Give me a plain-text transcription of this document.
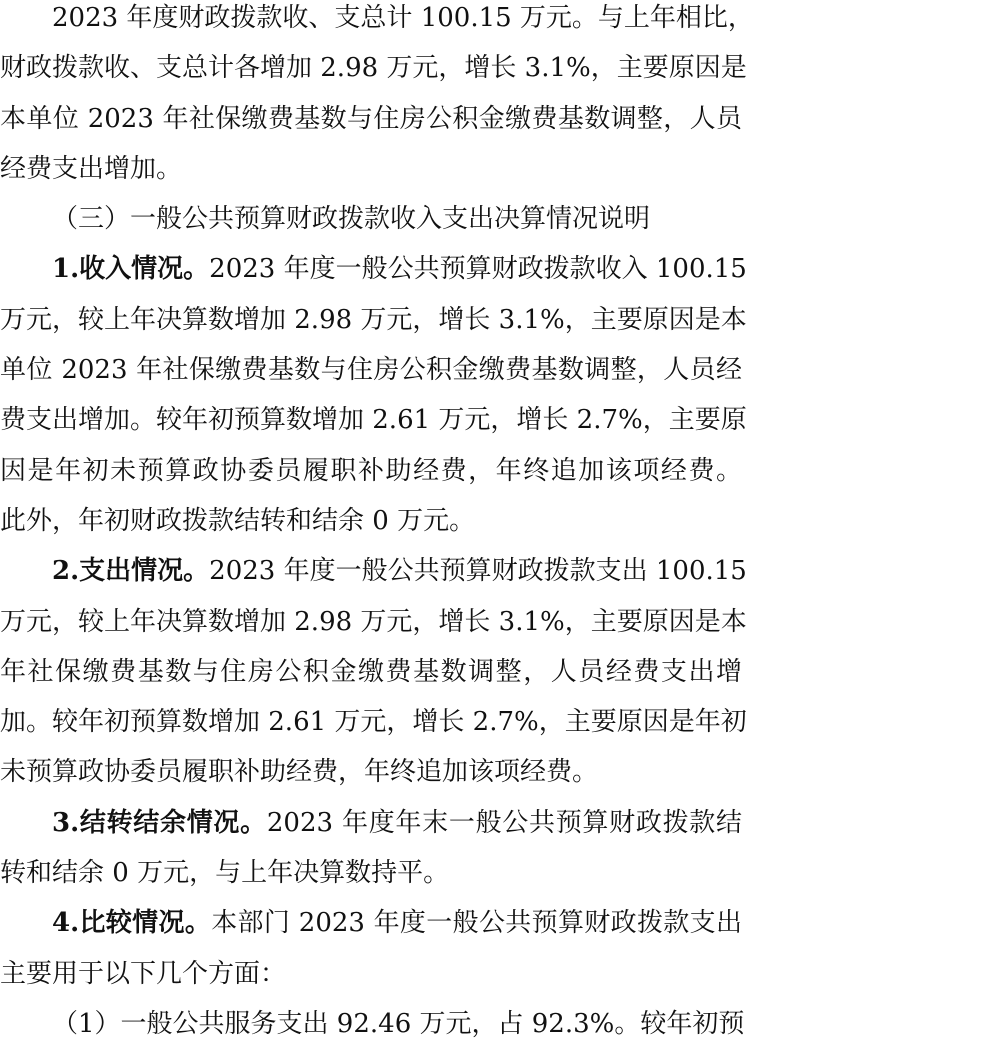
2023 年度财政拨款收、支总计 100.15 万元。与上年相比，
财政拨款收、支总计各增加 2.98 万元，增长 3.1%，主要原因是
本单位 2023 年社保缴费基数与住房公积金缴费基数调整，人员
经费支出增加。
（三）一般公共预算财政拨款收入支出决算情况说明
1.收入情况。2023 年度一般公共预算财政拨款收入 100.15
万元，较上年决算数增加 2.98 万元，增长 3.1%，主要原因是本
单位 2023 年社保缴费基数与住房公积金缴费基数调整，人员经
费支出增加。较年初预算数增加 2.61 万元，增长 2.7%，主要原
因是年初未预算政协委员履职补助经费，年终追加该项经费。
此外，年初财政拨款结转和结余 0 万元。
2.支出情况。2023 年度一般公共预算财政拨款支出 100.15
万元，较上年决算数增加 2.98 万元，增长 3.1%，主要原因是本
年社保缴费基数与住房公积金缴费基数调整，人员经费支出增
加。较年初预算数增加 2.61 万元，增长 2.7%，主要原因是年初
未预算政协委员履职补助经费，年终追加该项经费。
3.结转结余情况。2023 年度年末一般公共预算财政拨款结
转和结余 0 万元，与上年决算数持平。
4.比较情况。本部门 2023 年度一般公共预算财政拨款支出
主要用于以下几个方面：
（1）一般公共服务支出 92.46 万元，占 92.3%。较年初预
